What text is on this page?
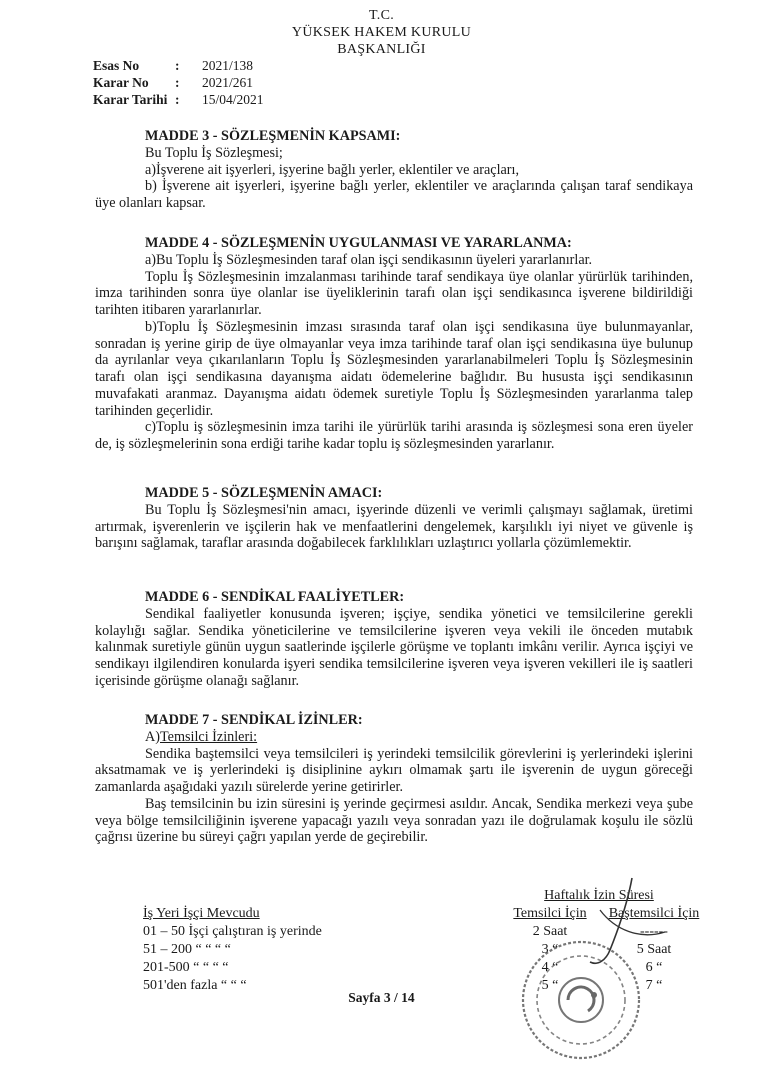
T.C.
YÜKSEK HAKEM KURULU
BAŞKANLIĞI
Esas No	:	2021/138
Karar No	:	2021/261
Karar Tarihi :	15/04/2021

MADDE 3 - SÖZLEŞMENİN KAPSAMI:

Bu Toplu İş Sözleşmesi;

a)İşverene ait işyerleri, işyerine bağlı yerler, eklentiler ve araçları,

b) İşverene ait işyerleri, işyerine bağlı yerler, eklentiler ve araçlarında çalışan taraf sendikaya üye olanları kapsar.

MADDE 4 - SÖZLEŞMENİN UYGULANMASI VE YARARLANMA:

a)Bu Toplu İş Sözleşmesinden taraf olan işçi sendikasının üyeleri yararlanırlar.

Toplu İş Sözleşmesinin imzalanması tarihinde taraf sendikaya üye olanlar yürürlük tarihinden, imza tarihinden sonra üye olanlar ise üyeliklerinin tarafı olan işçi sendikasınca işverene bildirildiği tarihten itibaren yararlanırlar.

b)Toplu İş Sözleşmesinin imzası sırasında taraf olan işçi sendikasına üye bulunmayanlar, sonradan iş yerine girip de üye olmayanlar veya imza tarihinde taraf olan işçi sendikasına üye bulunup da ayrılanlar veya çıkarılanların Toplu İş Sözleşmesinden yararlanabilmeleri Toplu İş Sözleşmesinin tarafı olan işçi sendikasına dayanışma aidatı ödemelerine bağlıdır. Bu hususta işçi sendikasının muvafakati aranmaz. Dayanışma aidatı ödemek suretiyle Toplu İş Sözleşmesinden yararlanma talep tarihinden geçerlidir.

c)Toplu iş sözleşmesinin imza tarihi ile yürürlük tarihi arasında iş sözleşmesi sona eren üyeler de, iş sözleşmelerinin sona erdiği tarihe kadar toplu iş sözleşmesinden yararlanır.

MADDE 5 - SÖZLEŞMENİN AMACI:

Bu Toplu İş Sözleşmesi'nin amacı, işyerinde düzenli ve verimli çalışmayı sağlamak, üretimi artırmak, işverenlerin ve işçilerin hak ve menfaatlerini dengelemek, karşılıklı iyi niyet ve güvenle iş barışını sağlamak, taraflar arasında doğabilecek farklılıkları uzlaştırıcı yollarla çözümlemektir.

MADDE 6 - SENDİKAL FAALİYETLER:

Sendikal faaliyetler konusunda işveren; işçiye, sendika yönetici ve temsilcilerine gerekli kolaylığı sağlar. Sendika yöneticilerine ve temsilcilerine işveren veya vekili ile önceden mutabık kalınmak suretiyle günün uygun saatlerinde işçilerle görüşme ve toplantı imkânı verilir. Ayrıca işçiyi ve sendikayı ilgilendiren konularda işyeri sendika temsilcilerine işveren veya işveren vekilleri ile iş saatleri içerisinde görüşme olanağı sağlanır.

MADDE 7 - SENDİKAL İZİNLER:

A)Temsilci İzinleri:

Sendika baştemsilci veya temsilcileri iş yerindeki temsilcilik görevlerini iş yerlerindeki işlerini aksatmamak ve iş yerlerindeki iş disiplinine aykırı olmamak şartı ile işverenin de uygun göreceği zamanlarda aşağıdaki yazılı sürelerde yerine getirirler.

Baş temsilcinin bu izin süresini iş yerinde geçirmesi asıldır. Ancak, Sendika merkezi veya şube veya bölge temsilciliğinin işverene yapacağı yazılı veya sonradan yazı ile doğrulamak koşulu ile sözlü çağrısı üzerine bu süreyi çağrı yapılan yerde de geçirebilir.

Haftalık İzin Süresi
İş Yeri İşçi Mevcudu	Temsilci İçin	Baştemsilci İçin
01 – 50 İşçi çalıştıran iş yerinde	2 Saat	------
51 – 200 “ “ “ “	3 “	5 Saat
201-500 “ “ “ “	4 “	6 “
501'den fazla “ “ “	5 “	7 “
Sayfa 3 / 14
